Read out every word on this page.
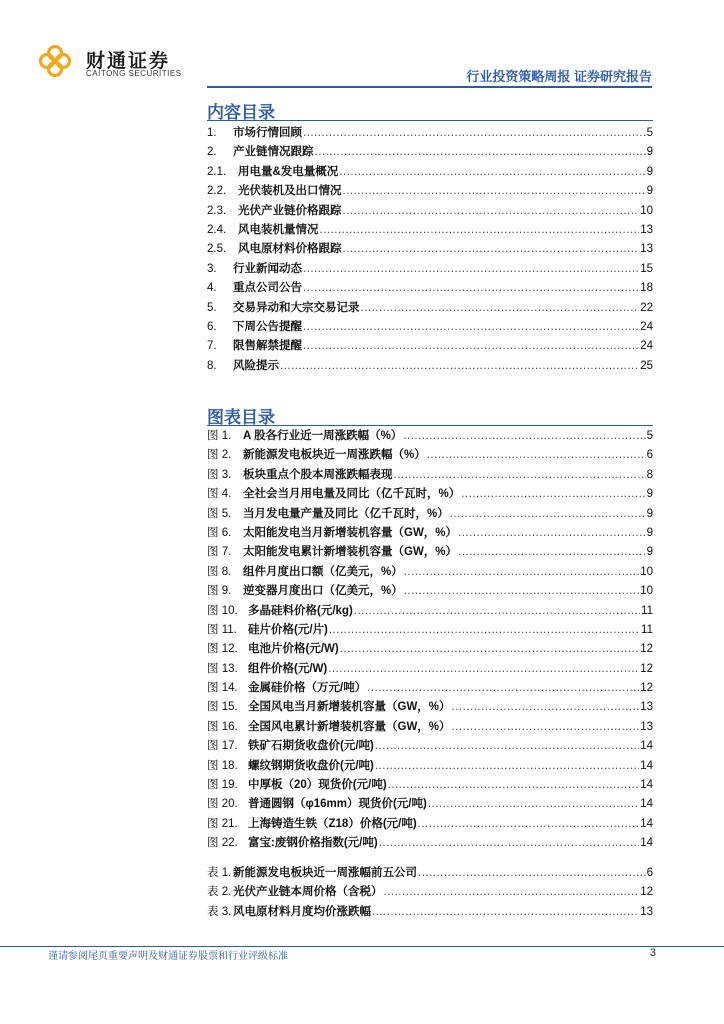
财通证券
CAITONG SECURITIES	行业投资策略周报 证券研究报告
内容目录
1.	市场行情回顾 .....	5
2.	产业链情况跟踪 .....	9
2.1.	用电量&发电量概况 .....	9
2.2.	光伏装机及出口情况 .....	9
2.3.	光伏产业链价格跟踪 .....	10
2.4.	风电装机量情况 .....	13
2.5.	风电原材料价格跟踪 .....	13
3.	行业新闻动态 .....	15
4.	重点公司公告 .....	18
5.	交易异动和大宗交易记录 .....	22
6.	下周公告提醒 .....	24
7.	限售解禁提醒 .....	24
8.	风险提示 .....	25
图表目录
图 1.	A 股各行业近一周涨跌幅（%） .....	5
图 2.	新能源发电板块近一周涨跌幅（%） .....	6
图 3.	板块重点个股本周涨跌幅表现 .....	8
图 4.	全社会当月用电量及同比（亿千瓦时，%） .....	9
图 5.	当月发电量产量及同比（亿千瓦时，%） .....	9
图 6.	太阳能发电当月新增装机容量（GW，%） .....	9
图 7.	太阳能发电累计新增装机容量（GW，%） .....	9
图 8.	组件月度出口额（亿美元，%） .....	10
图 9.	逆变器月度出口（亿美元，%） .....	10
图 10. 多晶硅料价格(元/kg) .....	11
图 11. 硅片价格(元/片) .....	11
图 12. 电池片价格(元/W) .....	12
图 13. 组件价格(元/W) .....	12
图 14. 金属硅价格（万元/吨） .....	12
图 15. 全国风电当月新增装机容量（GW，%） .....	13
图 16. 全国风电累计新增装机容量（GW，%） .....	13
图 17. 铁矿石期货收盘价(元/吨) .....	14
图 18. 螺纹钢期货收盘价(元/吨) .....	14
图 19. 中厚板（20）现货价(元/吨) .....	14
图 20. 普通圆钢（φ16mm）现货价(元/吨) .....	14
图 21. 上海铸造生铁（Z18）价格(元/吨) .....	14
图 22. 富宝:废钢价格指数(元/吨) .....	14
表 1. 新能源发电板块近一周涨幅前五公司 .....	6
表 2. 光伏产业链本周价格（含税） .....	12
表 3. 风电原材料月度均价涨跌幅 .....	13
谨请参阅尾页重要声明及财通证券股票和行业评级标准	3
